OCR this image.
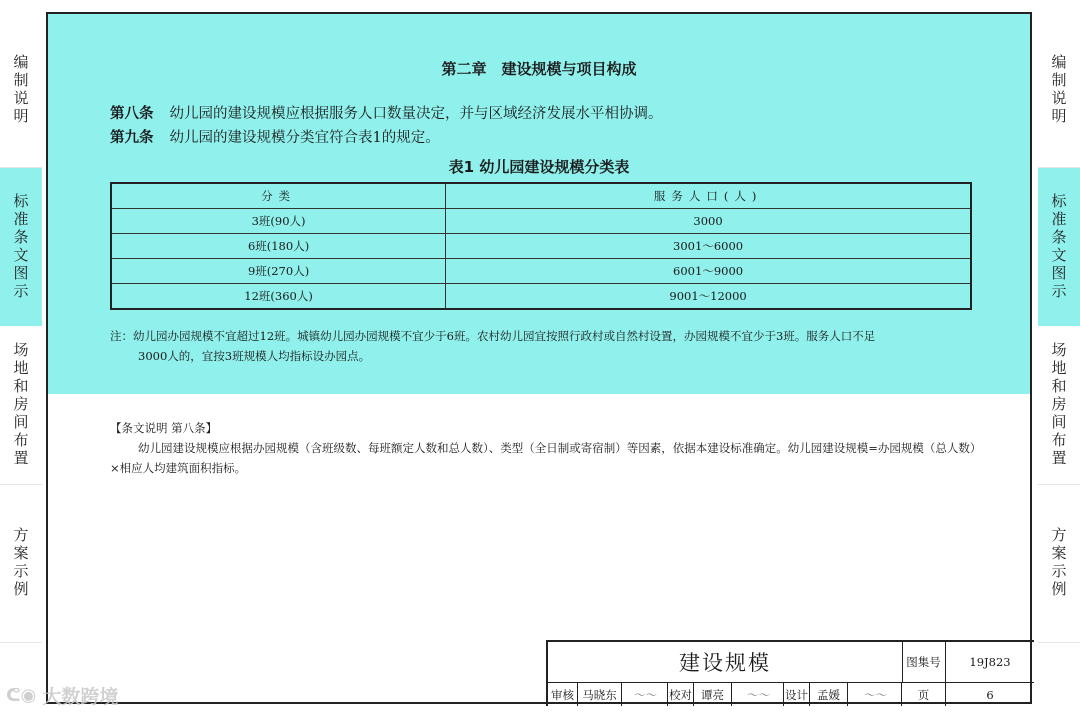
编制说明
标准条文图示
场地和房间布置
方案示例
编制说明
标准条文图示
场地和房间布置
方案示例
第二章　建设规模与项目构成
第八条 幼儿园的建设规模应根据服务人口数量决定，并与区域经济发展水平相协调。
第九条 幼儿园的建设规模分类宜符合表1的规定。
表1 幼儿园建设规模分类表
分类	服务人口(人)
3班(90人)	3000
6班(180人)	3001～6000
9班(270人)	6001～9000
12班(360人)	9001～12000
注：幼儿园办园规模不宜超过12班。城镇幼儿园办园规模不宜少于6班。农村幼儿园宜按照行政村或自然村设置，办园规模不宜少于3班。服务人口不足
3000人的，宜按3班规模人均指标设办园点。
【条文说明 第八条】
幼儿园建设规模应根据办园规模（含班级数、每班额定人数和总人数）、类型（全日制或寄宿制）等因素，依据本建设标准确定。幼儿园建设规模=办园规模（总人数）×相应人均建筑面积指标。
建设规模	图集号	19J823
审核 马晓东	～～	校对 谭亮	～～	设计 孟媛	～～	页	6
ᕦ◉ 大数跨境
